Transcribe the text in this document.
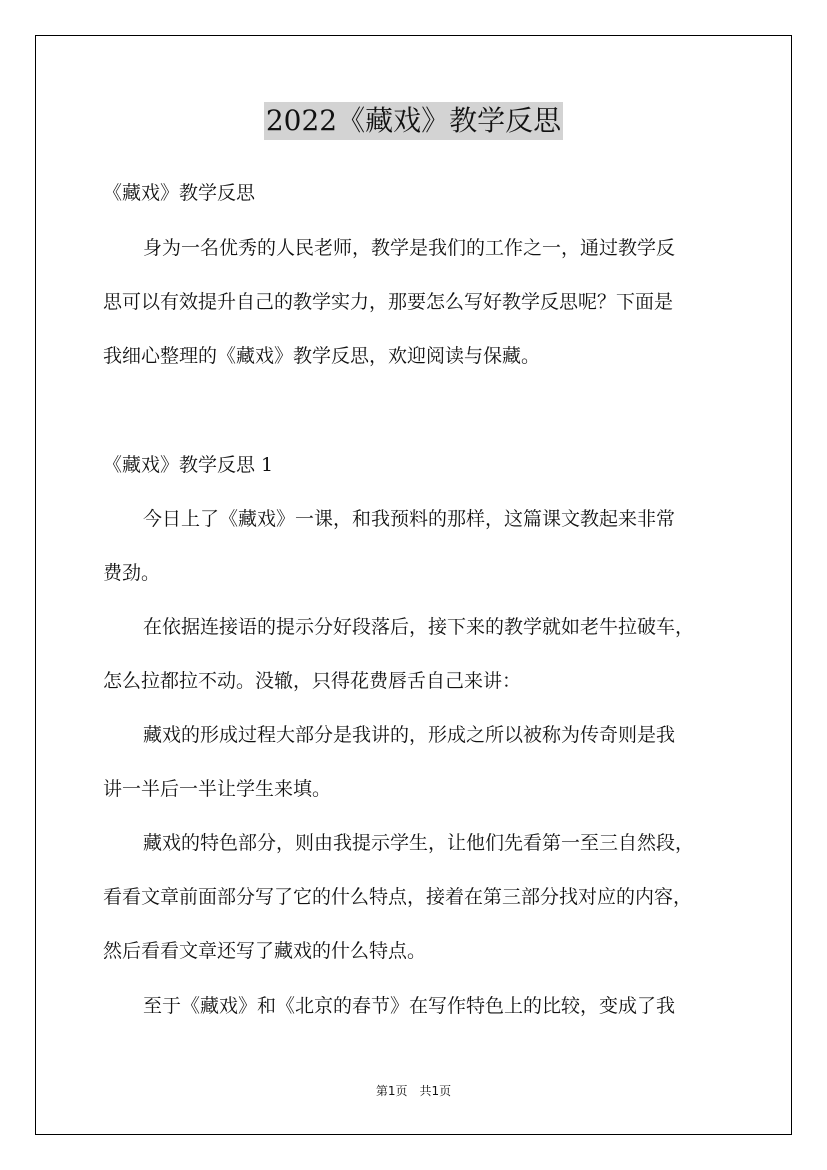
2022《藏戏》教学反思
《藏戏》教学反思
身为一名优秀的人民老师，教学是我们的工作之一，通过教学反
思可以有效提升自己的教学实力，那要怎么写好教学反思呢？下面是
我细心整理的《藏戏》教学反思，欢迎阅读与保藏。
《藏戏》教学反思 1
今日上了《藏戏》一课，和我预料的那样，这篇课文教起来非常
费劲。
在依据连接语的提示分好段落后，接下来的教学就如老牛拉破车，
怎么拉都拉不动。没辙，只得花费唇舌自己来讲：
藏戏的形成过程大部分是我讲的，形成之所以被称为传奇则是我
讲一半后一半让学生来填。
藏戏的特色部分，则由我提示学生，让他们先看第一至三自然段，
看看文章前面部分写了它的什么特点，接着在第三部分找对应的内容，
然后看看文章还写了藏戏的什么特点。
至于《藏戏》和《北京的春节》在写作特色上的比较，变成了我
第1页　共1页
